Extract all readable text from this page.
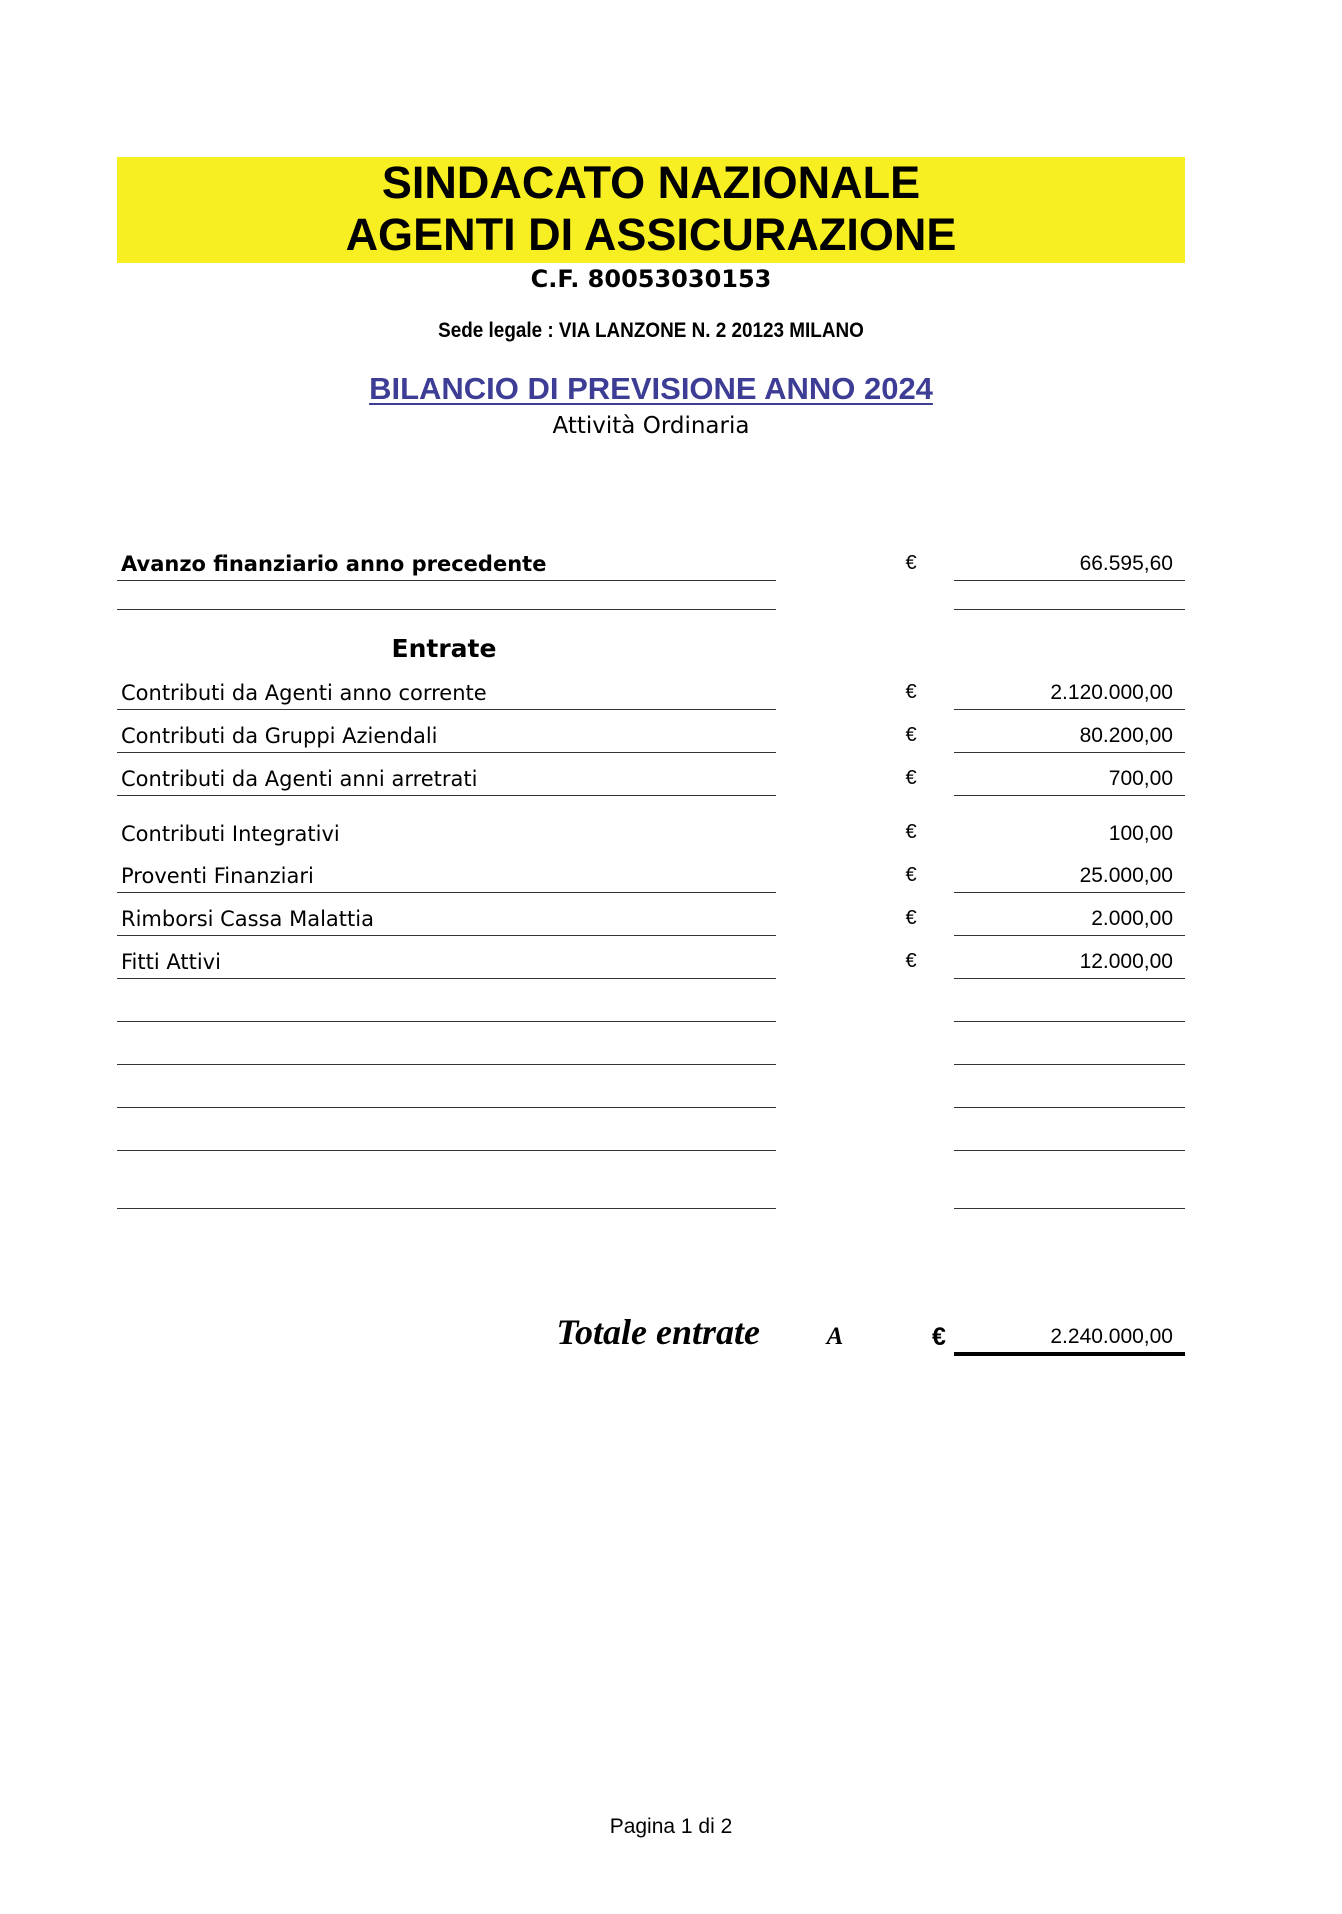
SINDACATO NAZIONALE
AGENTI DI ASSICURAZIONE
C.F. 80053030153
Sede legale : VIA LANZONE N. 2 20123 MILANO
BILANCIO DI PREVISIONE ANNO 2024
Attività Ordinaria
Avanzo finanziario anno precedente	€	66.595,60
Entrate
Contributi da Agenti anno corrente	€	2.120.000,00
Contributi da Gruppi Aziendali	€	80.200,00
Contributi da Agenti anni arretrati	€	700,00
Contributi Integrativi	€	100,00
Proventi Finanziari	€	25.000,00
Rimborsi Cassa Malattia	€	2.000,00
Fitti Attivi	€	12.000,00
Totale entrate	A	€	2.240.000,00
Pagina 1 di 2
